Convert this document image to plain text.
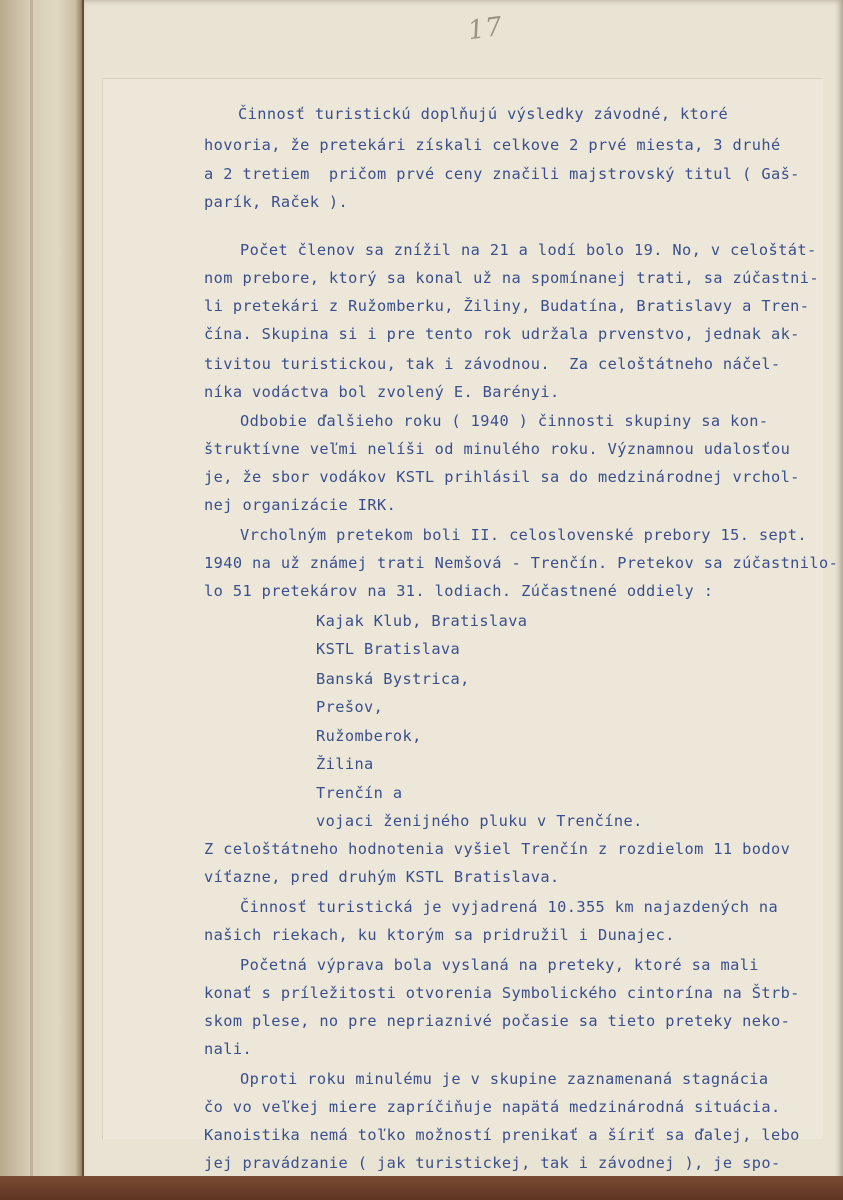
17
Činnosť turistickú doplňujú výsledky závodné, ktoré
hovoria, že pretekári získali celkove 2 prvé miesta, 3 druhé
a 2 tretiem  pričom prvé ceny značili majstrovský titul ( Gaš-
parík, Raček ).
Počet členov sa znížil na 21 a lodí bolo 19. No, v celoštát-
nom prebore, ktorý sa konal už na spomínanej trati, sa zúčastni-
li pretekári z Ružomberku, Žiliny, Budatína, Bratislavy a Tren-
čína. Skupina si i pre tento rok udržala prvenstvo, jednak ak-
tivitou turistickou, tak i závodnou.  Za celoštátneho náčel-
níka vodáctva bol zvolený E. Barényi.
Odbobie ďalšieho roku ( 1940 ) činnosti skupiny sa kon-
štruktívne veľmi nelíši od minulého roku. Významnou udalosťou
je, že sbor vodákov KSTL prihlásil sa do medzinárodnej vrchol-
nej organizácie IRK.
Vrcholným pretekom boli II. celoslovenské prebory 15. sept.
1940 na už známej trati Nemšová - Trenčín. Pretekov sa zúčastnilo-
lo 51 pretekárov na 31. lodiach. Zúčastnené oddiely :
Kajak Klub, Bratislava
KSTL Bratislava
Banská Bystrica,
Prešov,
Ružomberok,
Žilina
Trenčín a
vojaci ženijného pluku v Trenčíne.
Z celoštátneho hodnotenia vyšiel Trenčín z rozdielom 11 bodov
víťazne, pred druhým KSTL Bratislava.
Činnosť turistická je vyjadrená 10.355 km najazdených na
našich riekach, ku ktorým sa pridružil i Dunajec.
Početná výprava bola vyslaná na preteky, ktoré sa mali
konať s príležitosti otvorenia Symbolického cintorína na Štrb-
skom plese, no pre nepriaznivé počasie sa tieto preteky nekо-
nali.
Oproti roku minulému je v skupine zaznamenaná stagnácia
čo vo veľkej miere zapríčiňuje napätá medzinárodná situácia.
Kanoistika nemá toľko možností prenikať a šíriť sa ďalej, lebo
jej pravádzanie ( jak turistickej, tak i závodnej ), je spo-
